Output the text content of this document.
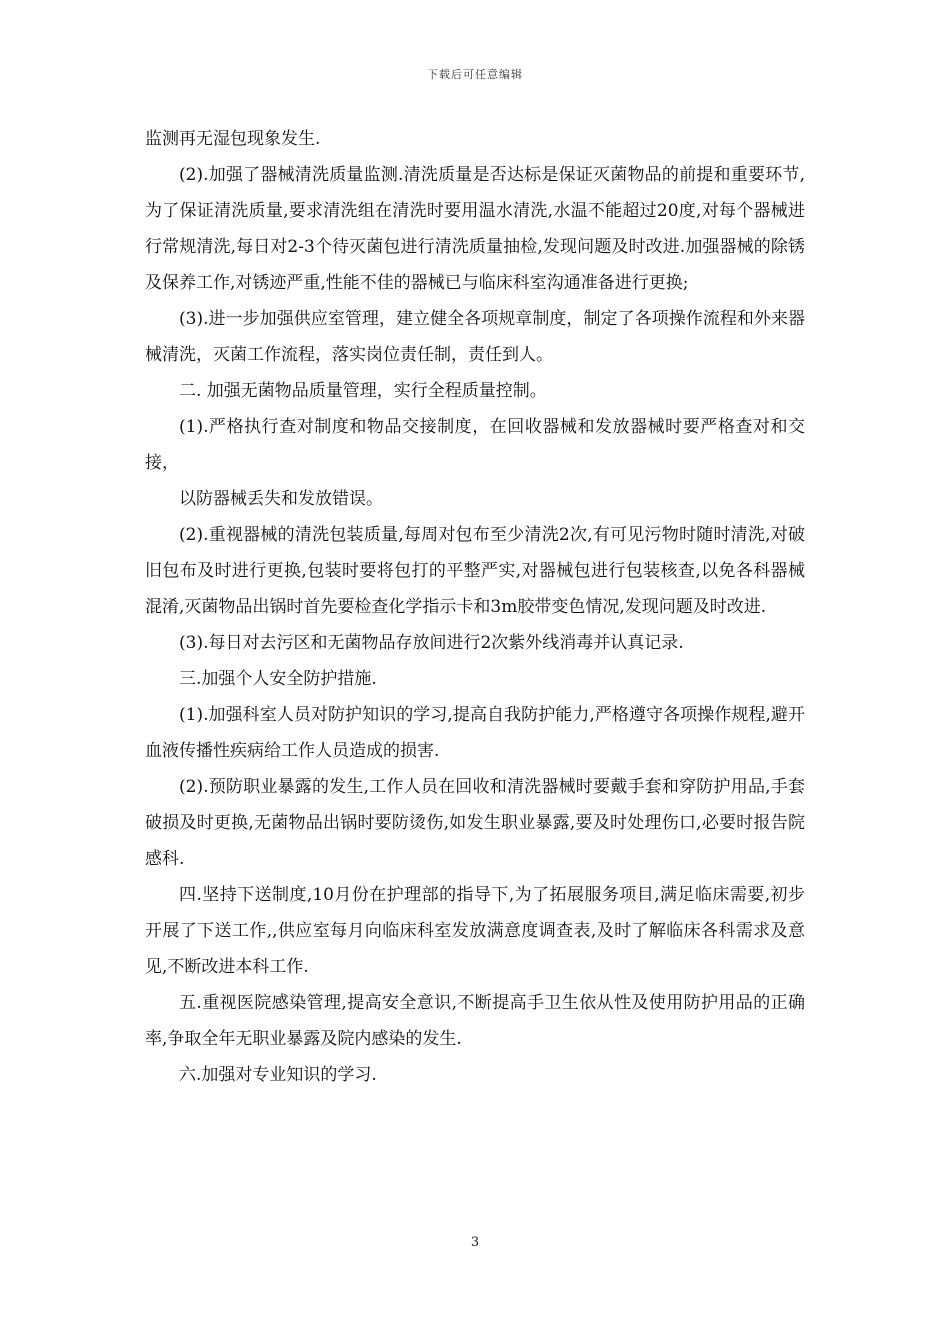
下载后可任意编辑

监测再无湿包现象发生.

(2).加强了器械清洗质量监测.清洗质量是否达标是保证灭菌物品的前提和重要环节,为了保证清洗质量,要求清洗组在清洗时要用温水清洗,水温不能超过20度,对每个器械进行常规清洗,每日对2-3个待灭菌包进行清洗质量抽检,发现问题及时改进.加强器械的除锈及保养工作,对锈迹严重,性能不佳的器械已与临床科室沟通准备进行更换;

(3).进一步加强供应室管理，建立健全各项规章制度，制定了各项操作流程和外来器械清洗，灭菌工作流程，落实岗位责任制，责任到人。

二. 加强无菌物品质量管理，实行全程质量控制。

(1).严格执行查对制度和物品交接制度，在回收器械和发放器械时要严格查对和交接，

以防器械丢失和发放错误。

(2).重视器械的清洗包装质量,每周对包布至少清洗2次,有可见污物时随时清洗,对破旧包布及时进行更换,包装时要将包打的平整严实,对器械包进行包装核查,以免各科器械混淆,灭菌物品出锅时首先要检查化学指示卡和3m胶带变色情况,发现问题及时改进.

(3).每日对去污区和无菌物品存放间进行2次紫外线消毒并认真记录.

三.加强个人安全防护措施.

(1).加强科室人员对防护知识的学习,提高自我防护能力,严格遵守各项操作规程,避开血液传播性疾病给工作人员造成的损害.

(2).预防职业暴露的发生,工作人员在回收和清洗器械时要戴手套和穿防护用品,手套破损及时更换,无菌物品出锅时要防烫伤,如发生职业暴露,要及时处理伤口,必要时报告院感科.

四.坚持下送制度,10月份在护理部的指导下,为了拓展服务项目,满足临床需要,初步开展了下送工作,,供应室每月向临床科室发放满意度调查表,及时了解临床各科需求及意见,不断改进本科工作.

五.重视医院感染管理,提高安全意识,不断提高手卫生依从性及使用防护用品的正确率,争取全年无职业暴露及院内感染的发生.

六.加强对专业知识的学习.

3
